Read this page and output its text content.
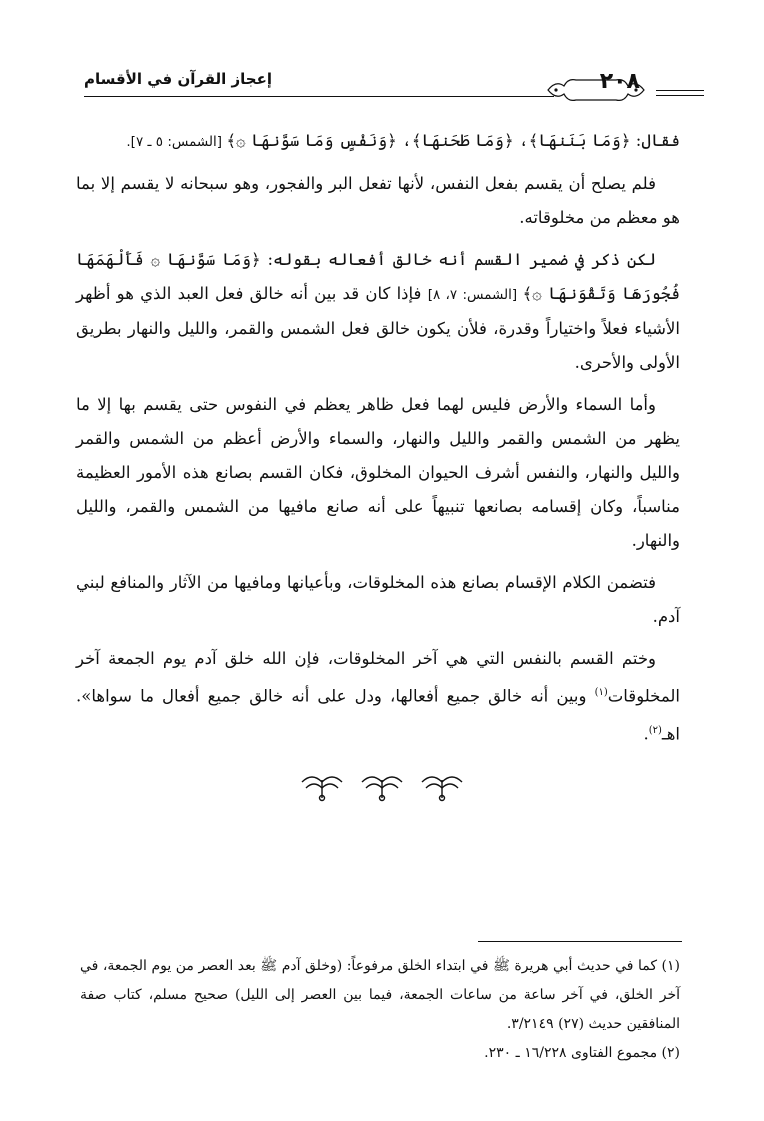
٢٠٨
إعجاز القرآن في الأقسام

فقال: ﴿وَمَا بَنَنهَا﴾، ﴿وَمَا طَحَنهَا﴾، ﴿وَنَفْسٍ وَمَا سَوَّنهَا ۞﴾ [الشمس: ٥ ـ ٧].

فلم يصلح أن يقسم بفعل النفس، لأنها تفعل البر والفجور، وهو سبحانه لا يقسم إلا بما هو معظم من مخلوقاته.

لكن ذكر في ضمير القسم أنه خالق أفعاله بقوله: ﴿وَمَا سَوَّنهَا ۞ فَأَلْهَمَهَا فُجُورَهَا وَتَقْوَنهَا ۞﴾ [الشمس: ٧، ٨] فإذا كان قد بين أنه خالق فعل العبد الذي هو أظهر الأشياء فعلاً واختياراً وقدرة، فلأن يكون خالق فعل الشمس والقمر، والليل والنهار بطريق الأولى والأحرى.

وأما السماء والأرض فليس لهما فعل ظاهر يعظم في النفوس حتى يقسم بها إلا ما يظهر من الشمس والقمر والليل والنهار، والسماء والأرض أعظم من الشمس والقمر والليل والنهار، والنفس أشرف الحيوان المخلوق، فكان القسم بصانع هذه الأمور العظيمة مناسباً، وكان إقسامه بصانعها تنبيهاً على أنه صانع مافيها من الشمس والقمر، والليل والنهار.

فتضمن الكلام الإقسام بصانع هذه المخلوقات، وبأعيانها ومافيها من الآثار والمنافع لبني آدم.

وختم القسم بالنفس التي هي آخر المخلوقات، فإن الله خلق آدم يوم الجمعة آخر المخلوقات$^{(١)}$ وبين أنه خالق جميع أفعالها، ودل على أنه خالق جميع أفعال ما سواها». اهـ$^{(٢)}$.

(١) كما في حديث أبي هريرة ﷺ في ابتداء الخلق مرفوعاً: (وخلق آدم ﷺ بعد العصر من يوم الجمعة، في آخر الخلق، في آخر ساعة من ساعات الجمعة، فيما بين العصر إلى الليل) صحيح مسلم، كتاب صفة المنافقين حديث (٢٧) ٣/٢١٤٩.

(٢) مجموع الفتاوى ١٦/٢٢٨ ـ ٢٣٠.
